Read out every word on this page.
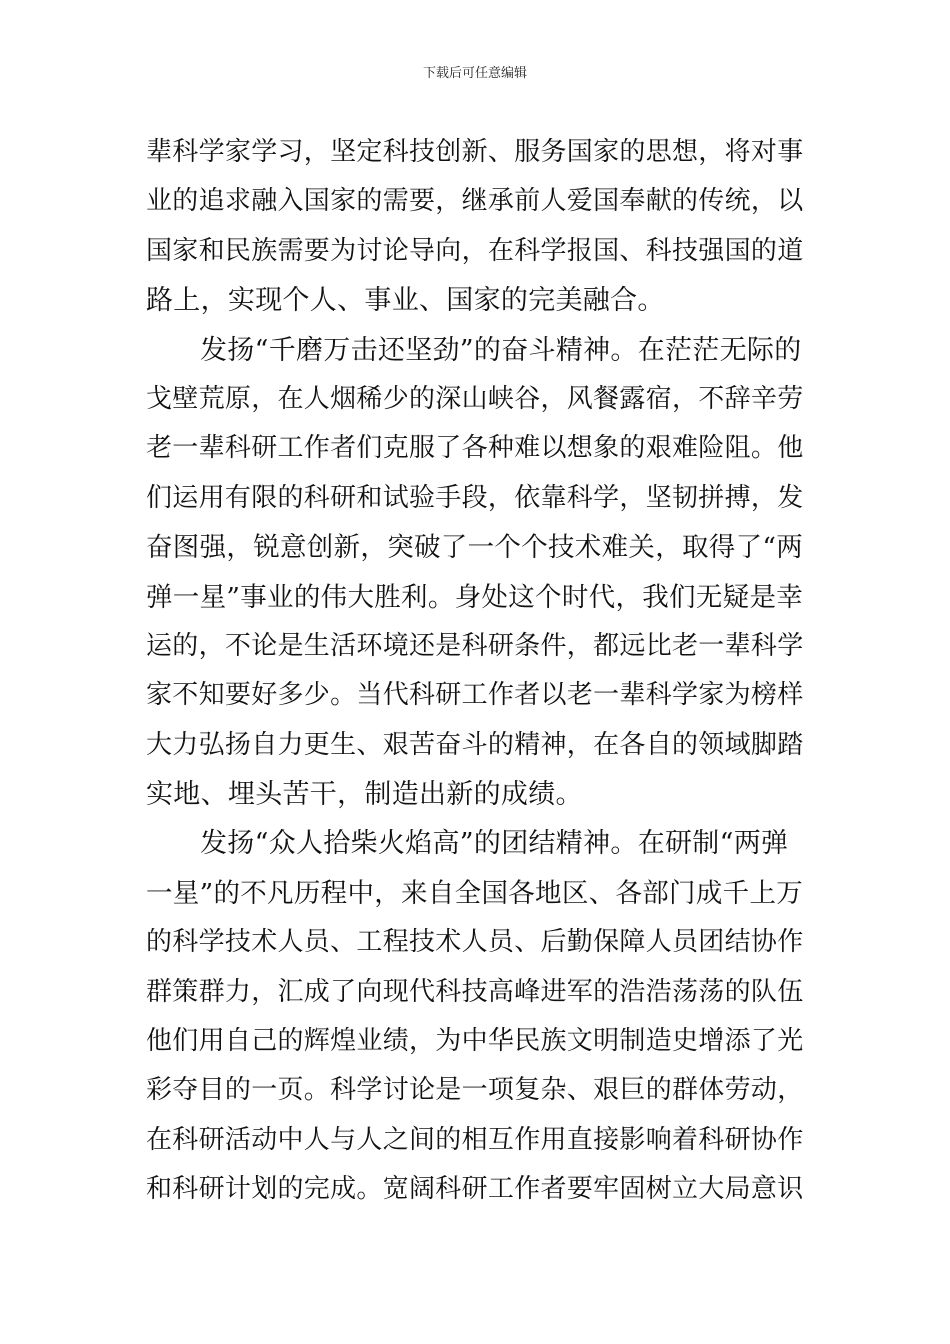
下载后可任意编辑
辈科学家学习，坚定科技创新、服务国家的思想，将对事
业的追求融入国家的需要，继承前人爱国奉献的传统，以
国家和民族需要为讨论导向，在科学报国、科技强国的道
路上，实现个人、事业、国家的完美融合。
发扬“千磨万击还坚劲”的奋斗精神。在茫茫无际的
戈壁荒原，在人烟稀少的深山峡谷，风餐露宿，不辞辛劳
老一辈科研工作者们克服了各种难以想象的艰难险阻。他
们运用有限的科研和试验手段，依靠科学，坚韧拼搏，发
奋图强，锐意创新，突破了一个个技术难关，取得了“两
弹一星”事业的伟大胜利。身处这个时代，我们无疑是幸
运的，不论是生活环境还是科研条件，都远比老一辈科学
家不知要好多少。当代科研工作者以老一辈科学家为榜样
大力弘扬自力更生、艰苦奋斗的精神，在各自的领域脚踏
实地、埋头苦干，制造出新的成绩。
发扬“众人拾柴火焰高”的团结精神。在研制“两弹
一星”的不凡历程中，来自全国各地区、各部门成千上万
的科学技术人员、工程技术人员、后勤保障人员团结协作
群策群力，汇成了向现代科技高峰进军的浩浩荡荡的队伍
他们用自己的辉煌业绩，为中华民族文明制造史增添了光
彩夺目的一页。科学讨论是一项复杂、艰巨的群体劳动，
在科研活动中人与人之间的相互作用直接影响着科研协作
和科研计划的完成。宽阔科研工作者要牢固树立大局意识
